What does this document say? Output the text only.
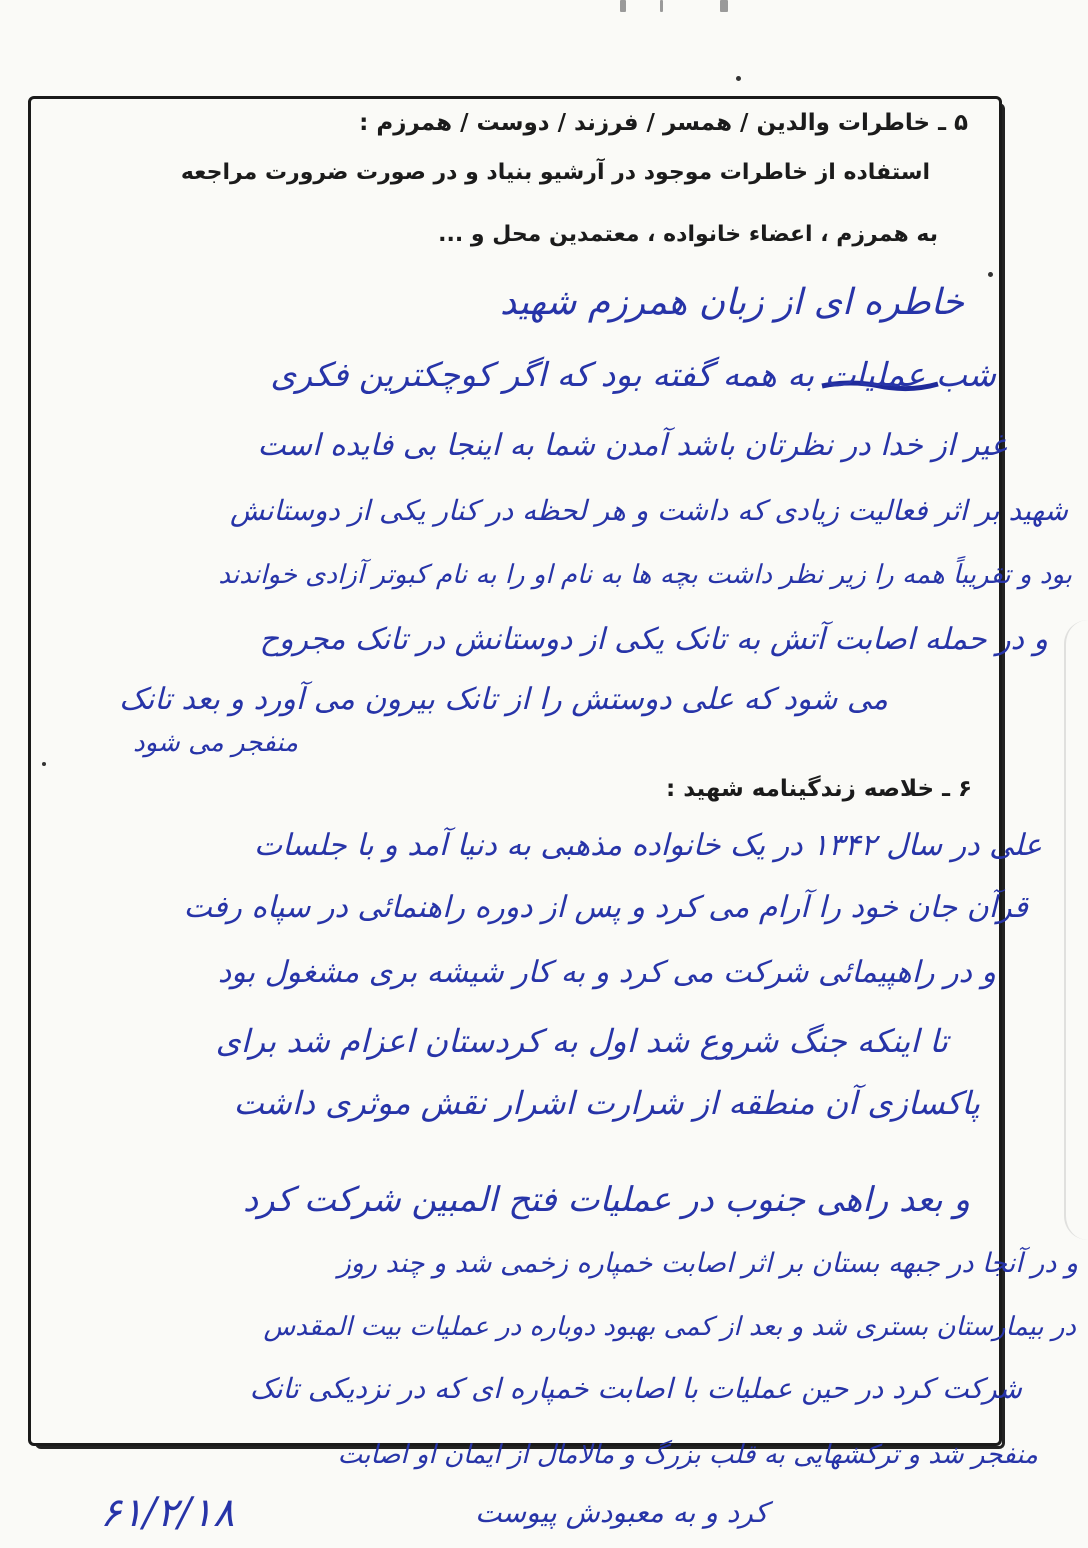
۵ ـ خاطرات والدین / همسر / فرزند / دوست / همرزم :
استفاده از خاطرات موجود در آرشیو بنیاد و در صورت ضرورت مراجعه
به همرزم ، اعضاء خانواده ، معتمدین محل و ...
خاطره ای از زبان همرزم شهید
شب عملیات به همه گفته بود که اگر کوچکترین فکری
غیر از خدا در نظرتان باشد آمدن شما به اینجا بی فایده است
شهید بر اثر فعالیت زیادی که داشت و هر لحظه در کنار یکی از دوستانش
بود و تقریباً همه را زیر نظر داشت بچه ها به نام او را به نام کبوتر آزادی خواندند
و در حمله اصابت آتش به تانک یکی از دوستانش در تانک مجروح
می شود که علی دوستش را از تانک بیرون می آورد و بعد تانک
منفجر می شود
۶ ـ خلاصه زندگینامه شهید :
علی در سال ۱۳۴۲ در یک خانواده مذهبی به دنیا آمد و با جلسات
قرآن جان خود را آرام می کرد و پس از دوره راهنمائی در سپاه رفت
و در راهپیمائی شرکت می کرد و به کار شیشه بری مشغول بود
تا اینکه جنگ شروع شد اول به کردستان اعزام شد برای
پاکسازی آن منطقه از شرارت اشرار نقش موثری داشت
و بعد راهی جنوب در عملیات فتح المبین شرکت کرد
و در آنجا در جبهه بستان بر اثر اصابت خمپاره زخمی شد و چند روز
در بیمارستان بستری شد و بعد از کمی بهبود دوباره در عملیات بیت المقدس
شرکت کرد در حین عملیات با اصابت خمپاره ای که در نزدیکی تانک
منفجر شد و ترکشهایی به قلب بزرگ و مالامال از ایمان او اصابت
کرد و به معبودش پیوست
۶۱/۲/۱۸
